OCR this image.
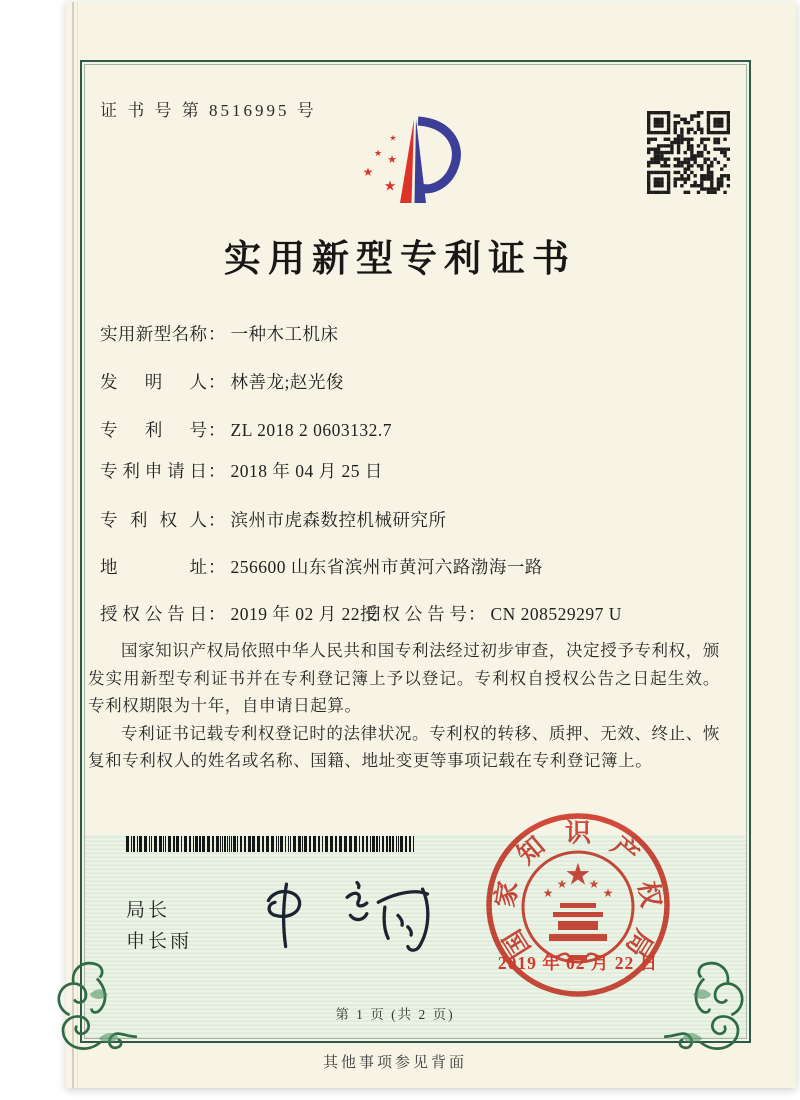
证 书 号 第 8516995 号
★
★
★
★
★
实用新型专利证书
实用新型名称： 一种木工机床
发明人： 林善龙;赵光俊
专利号： ZL 2018 2 0603132.7
专利申请日： 2018 年 04 月 25 日
专利权人： 滨州市虎森数控机械研究所
地址： 256600 山东省滨州市黄河六路渤海一路
授权公告日： 2019 年 02 月 22 日
授权公告号： CN 208529297 U

国家知识产权局依照中华人民共和国专利法经过初步审查，决定授予专利权，颁发实用新型专利证书并在专利登记簿上予以登记。专利权自授权公告之日起生效。专利权期限为十年，自申请日起算。

专利证书记载专利权登记时的法律状况。专利权的转移、质押、无效、终止、恢复和专利权人的姓名或名称、国籍、地址变更等事项记载在专利登记簿上。

局长
申长雨
★
★
★ ★
★
国
家
知 识 产
权
局
2019 年 02 月 22 日
第 1 页 (共 2 页)
其他事项参见背面
